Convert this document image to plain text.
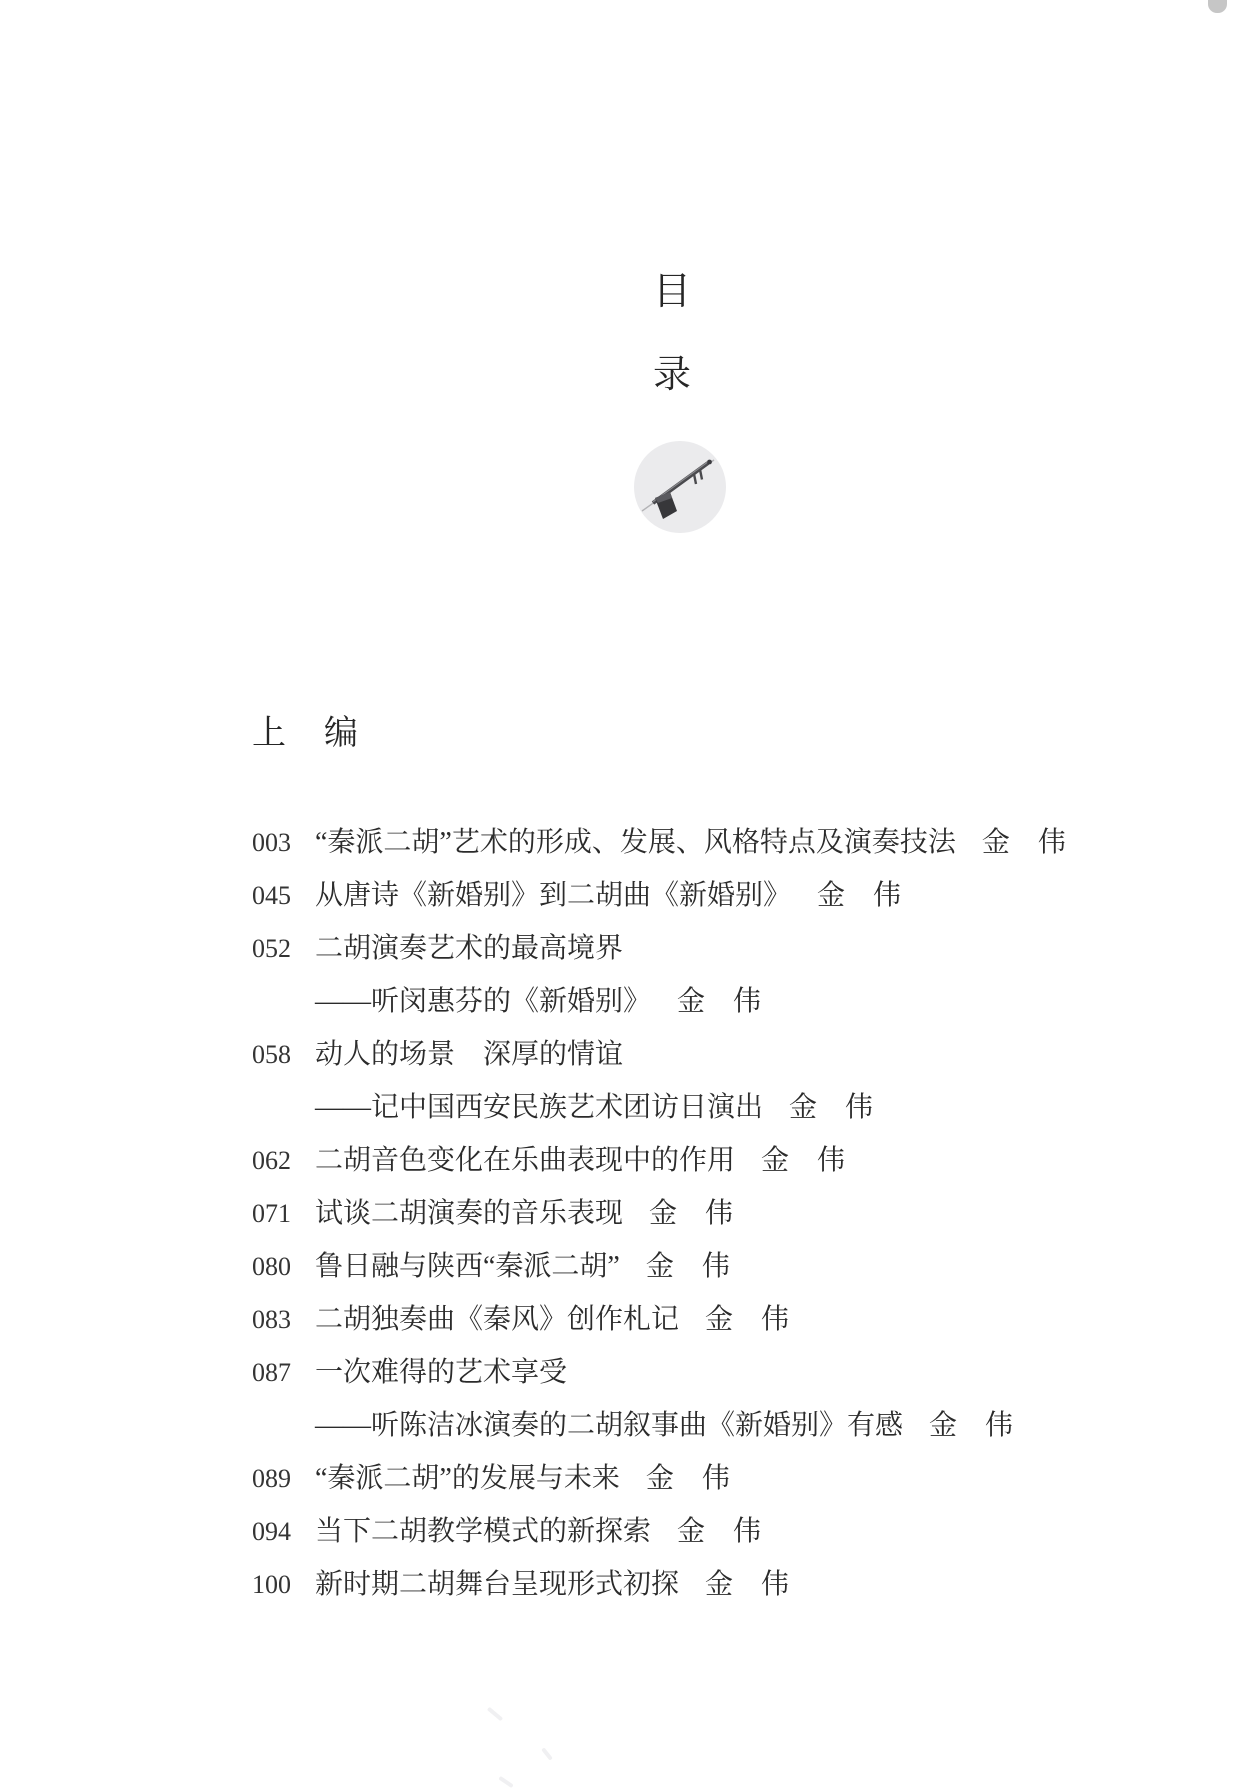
目
录
上　编
003 “秦派二胡”艺术的形成、发展、风格特点及演奏技法 金　伟
045 从唐诗《新婚别》到二胡曲《新婚别》 金　伟
052 二胡演奏艺术的最高境界
——听闵惠芬的《新婚别》 金　伟
058 动人的场景　深厚的情谊
——记中国西安民族艺术团访日演出 金　伟
062 二胡音色变化在乐曲表现中的作用 金　伟
071 试谈二胡演奏的音乐表现 金　伟
080 鲁日融与陕西“秦派二胡” 金　伟
083 二胡独奏曲《秦风》创作札记 金　伟
087 一次难得的艺术享受
——听陈洁冰演奏的二胡叙事曲《新婚别》有感 金　伟
089 “秦派二胡”的发展与未来 金　伟
094 当下二胡教学模式的新探索 金　伟
100 新时期二胡舞台呈现形式初探 金　伟
